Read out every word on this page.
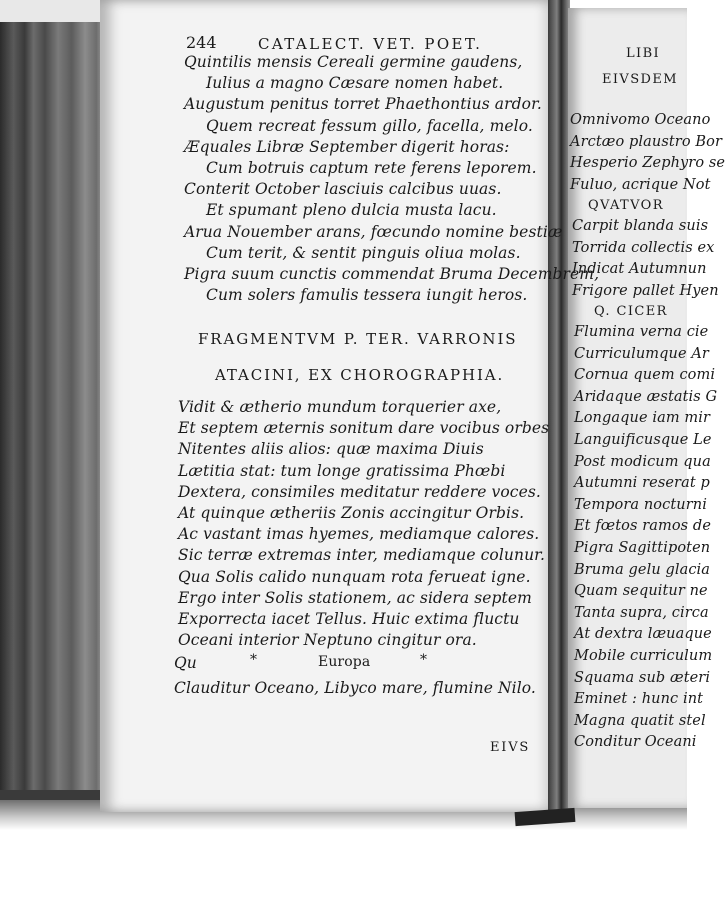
LIBI
EIVSDEM
Omnivomo Oceano
Arctæo plaustro Bor
Hesperio Zephyro se
Fuluo, acrique Not
QVATVOR
Carpit blanda suis
Torrida collectis ex
Indicat Autumnun
Frigore pallet Hyen
Q. CICER
Flumina verna cie
Curriculumque Ar
Cornua quem comi
Aridaque æstatis G
Longaque iam mir
Languificusque Le
Post modicum qua
Autumni reserat p
Tempora nocturni
Et fœtos ramos de
Pigra Sagittipoten
Bruma gelu glacia
Quam sequitur ne
Tanta supra, circa
At dextra læuaque
Mobile curriculum
Squama sub æteri
Eminet : hunc int
Magna quatit stel
Conditur Oceani
244	CATALECT. VET. POET.
FRAGMENTVM P. TER. VARRONIS
ATACINI, EX CHOROGRAPHIA.
Qu	*	Europa	*
Clauditur Oceano, Libyco mare, flumine Nilo.
EIVS
Quintilis mensis Cereali germine gaudens,
Iulius a magno Cæsare nomen habet.
Augustum penitus torret Phaethontius ardor.
Quem recreat fessum gillo, facella, melo.
Æquales Libræ September digerit horas:
Cum botruis captum rete ferens leporem.
Conterit October lasciuis calcibus uuas.
Et spumant pleno dulcia musta lacu.
Arua Nouember arans, fœcundo nomine bestiæ
Cum terit, & sentit pinguis oliua molas.
Pigra suum cunctis commendat Bruma Decembrem,
Cum solers famulis tessera iungit heros.
Vidit & ætherio mundum torquerier axe,
Et septem æternis sonitum dare vocibus orbes
Nitentes aliis alios: quæ maxima Diuis
Lætitia stat: tum longe gratissima Phœbi
Dextera, consimiles meditatur reddere voces.
At quinque ætheriis Zonis accingitur Orbis.
Ac vastant imas hyemes, mediamque calores.
Sic terræ extremas inter, mediamque colunur.
Qua Solis calido nunquam rota ferueat igne.
Ergo inter Solis stationem, ac sidera septem
Exporrecta iacet Tellus. Huic extima fluctu
Oceani interior Neptuno cingitur ora.
